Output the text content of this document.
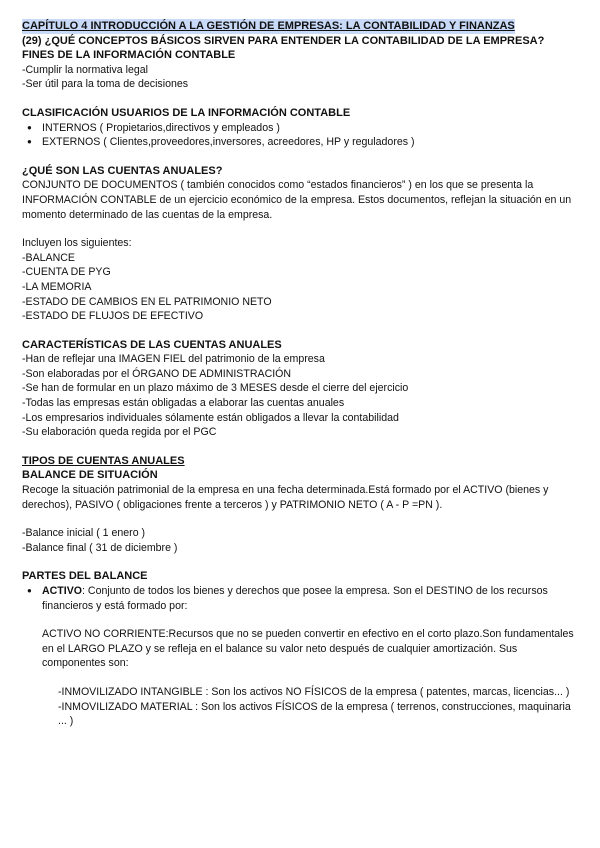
CAPÍTULO 4 INTRODUCCIÓN A LA GESTIÓN DE EMPRESAS: LA CONTABILIDAD Y FINANZAS

(29) ¿QUÉ CONCEPTOS BÁSICOS SIRVEN PARA ENTENDER LA CONTABILIDAD DE LA EMPRESA?

FINES DE LA INFORMACIÓN CONTABLE

-Cumplir la normativa legal

-Ser útil para la toma de decisiones

CLASIFICACIÓN USUARIOS DE LA INFORMACIÓN CONTABLE

● INTERNOS ( Propietarios,directivos y empleados )
● EXTERNOS ( Clientes,proveedores,inversores, acreedores, HP y reguladores )

¿QUÉ SON LAS CUENTAS ANUALES?

CONJUNTO DE DOCUMENTOS ( también conocidos como “estados financieros” ) en los que se presenta la INFORMACIÓN CONTABLE de un ejercicio económico de la empresa. Estos documentos, reflejan la situación en un momento determinado de las cuentas de la empresa.

Incluyen los siguientes:

-BALANCE

-CUENTA DE PYG

-LA MEMORIA

-ESTADO DE CAMBIOS EN EL PATRIMONIO NETO

-ESTADO DE FLUJOS DE EFECTIVO

CARACTERÍSTICAS DE LAS CUENTAS ANUALES

-Han de reflejar una IMAGEN FIEL del patrimonio de la empresa

-Son elaboradas por el ÓRGANO DE ADMINISTRACIÓN

-Se han de formular en un plazo máximo de 3 MESES desde el cierre del ejercicio

-Todas las empresas están obligadas a elaborar las cuentas anuales

-Los empresarios individuales sólamente están obligados a llevar la contabilidad

-Su elaboración queda regida por el PGC

TIPOS DE CUENTAS ANUALES

BALANCE DE SITUACIÓN

Recoge la situación patrimonial de la empresa en una fecha determinada.Está formado por el ACTIVO (bienes y derechos), PASIVO ( obligaciones frente a terceros ) y PATRIMONIO NETO ( A - P =PN ).

-Balance inicial ( 1 enero )

-Balance final ( 31 de diciembre )

PARTES DEL BALANCE

● ACTIVO: Conjunto de todos los bienes y derechos que posee la empresa. Son el DESTINO de los recursos financieros y está formado por:

ACTIVO NO CORRIENTE:Recursos que no se pueden convertir en efectivo en el corto plazo.Son fundamentales en el LARGO PLAZO y se refleja en el balance su valor neto después de cualquier amortización. Sus componentes son:

-INMOVILIZADO INTANGIBLE : Son los activos NO FÍSICOS de la empresa ( patentes, marcas, licencias... )

-INMOVILIZADO MATERIAL : Son los activos FÍSICOS de la empresa ( terrenos, construcciones, maquinaria ... )
